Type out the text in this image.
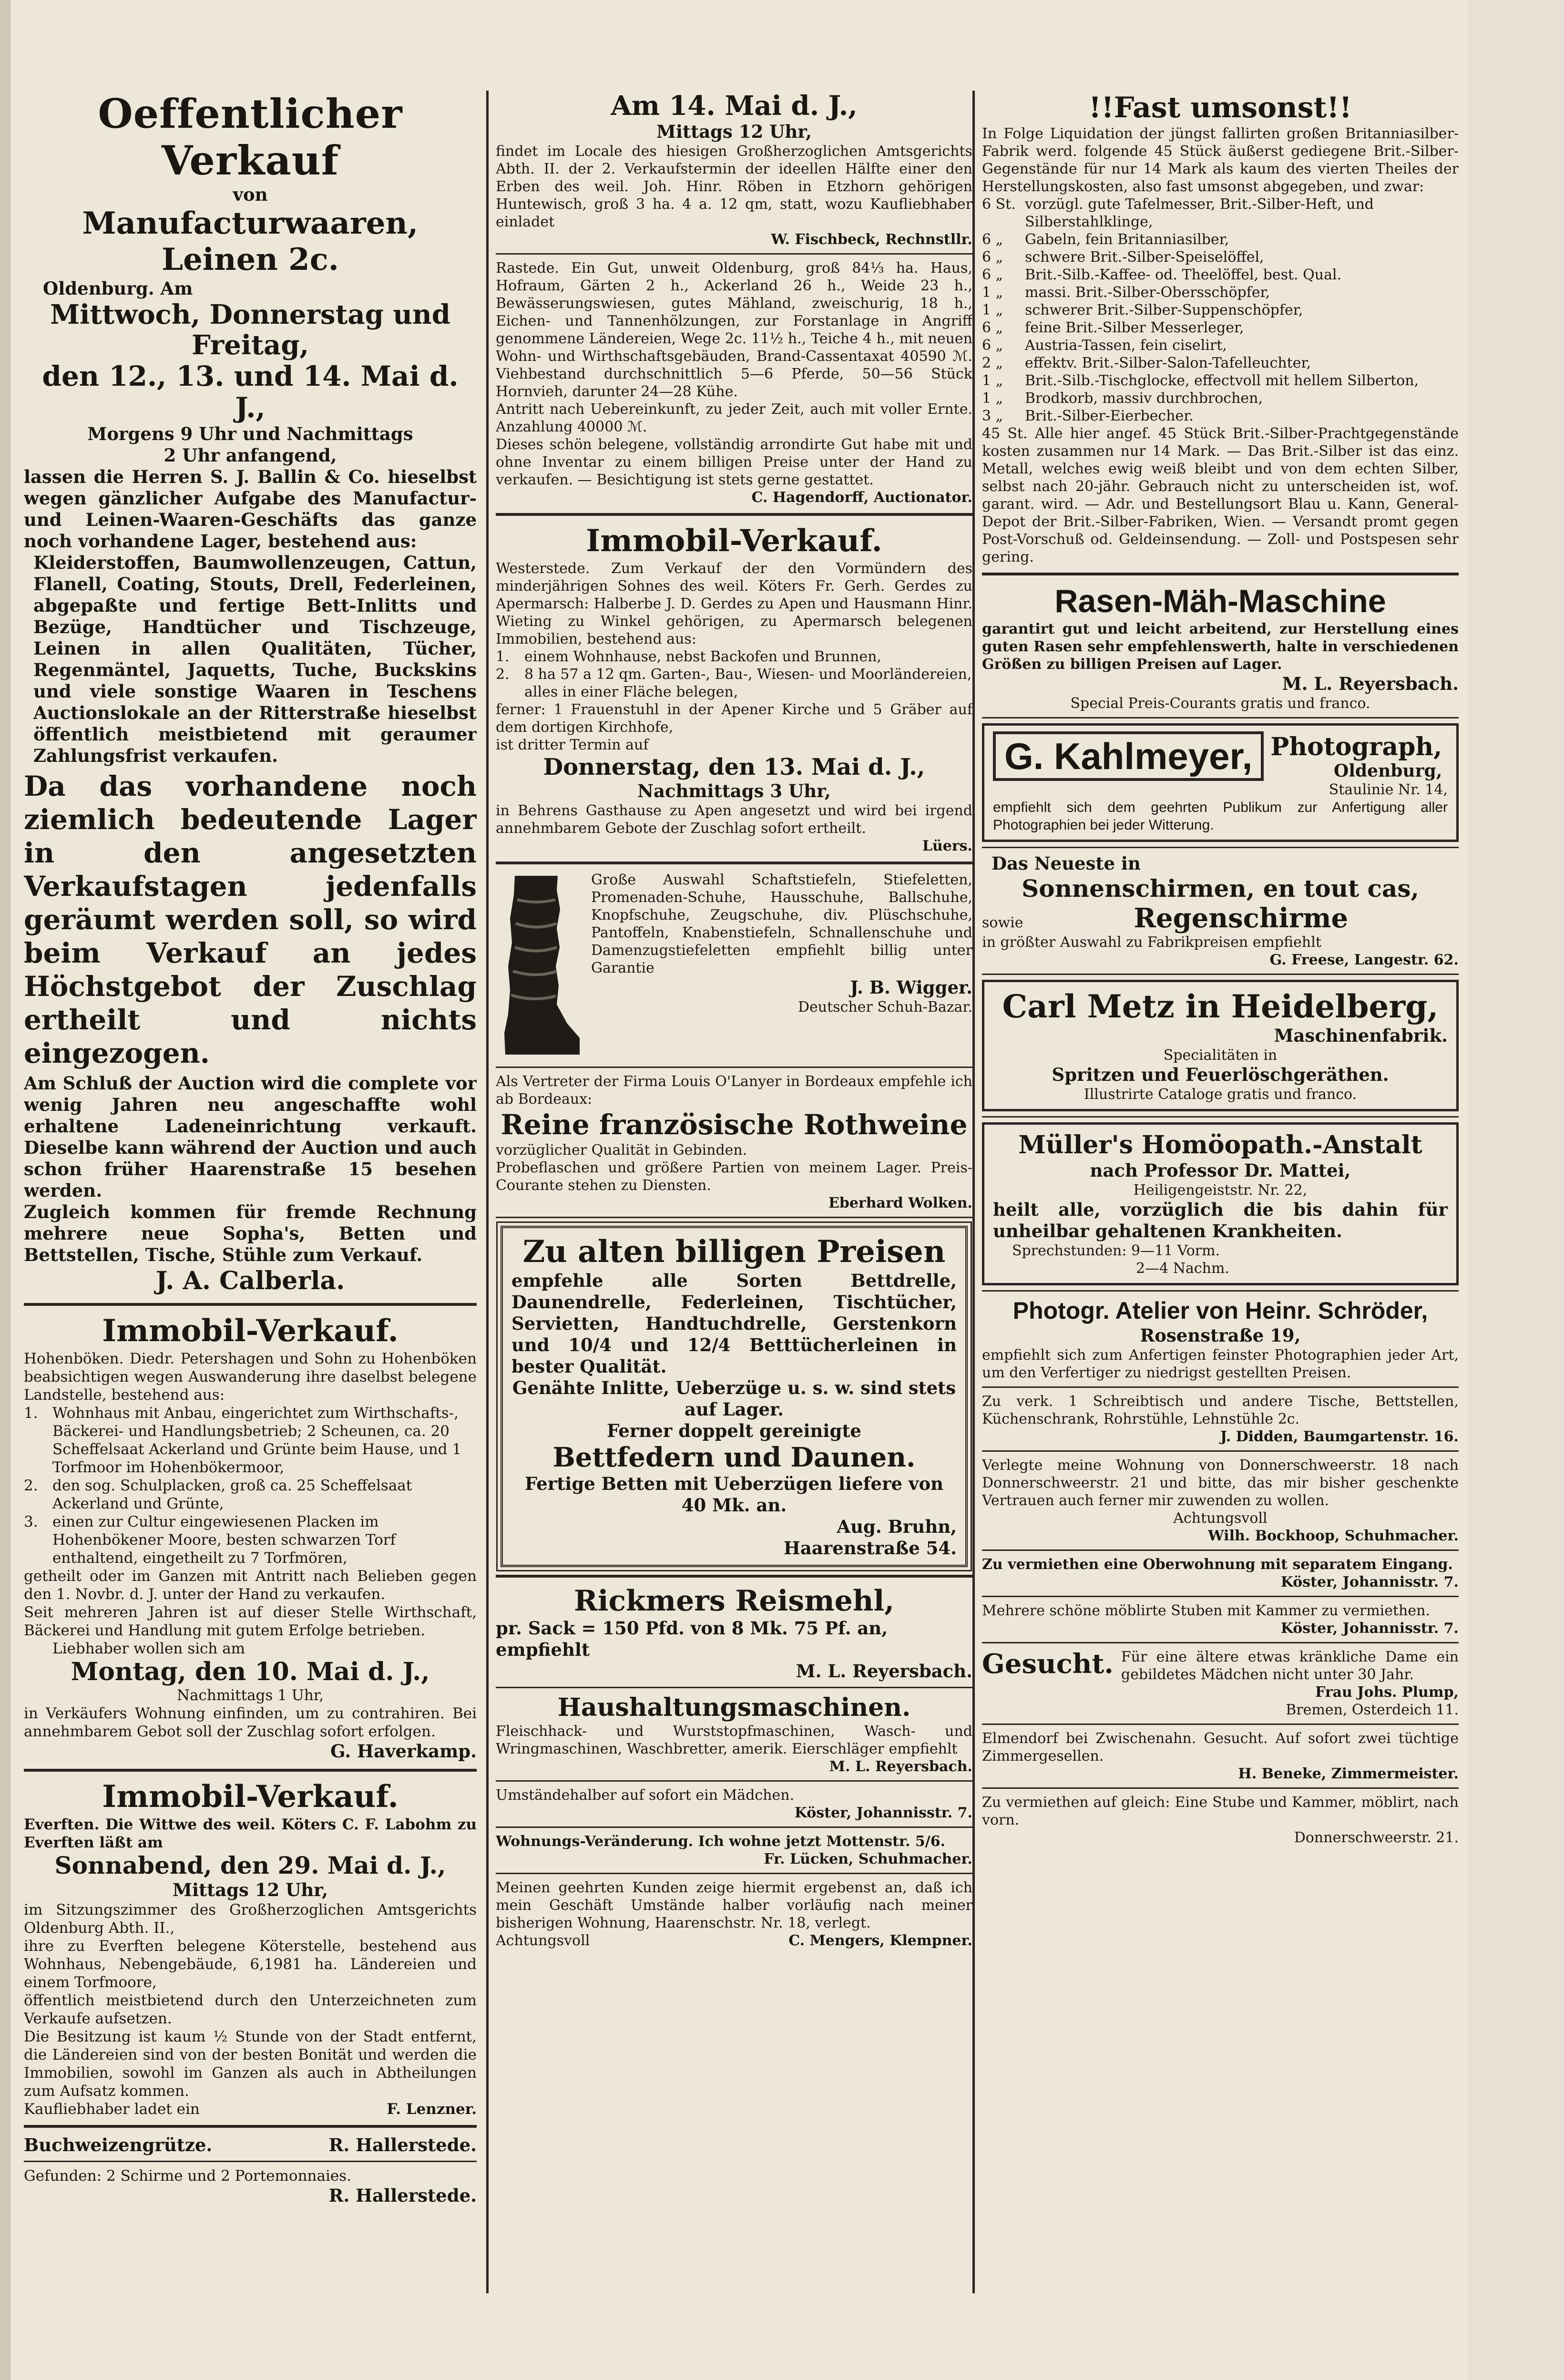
Oeffentlicher Verkauf

von

Manufacturwaaren, Leinen 2c.

Oldenburg. Am

Mittwoch, Donnerstag und Freitag,

den 12., 13. und 14. Mai d. J.,

Morgens 9 Uhr und Nachmittags

2 Uhr anfangend,

lassen die Herren S. J. Ballin & Co. hieselbst wegen gänzlicher Aufgabe des Manufactur- und Leinen-Waaren-Geschäfts das ganze noch vorhandene Lager, bestehend aus:

Kleiderstoffen, Baumwollenzeugen, Cattun, Flanell, Coating, Stouts, Drell, Federleinen, abgepaßte und fertige Bett-Inlitts und Bezüge, Handtücher und Tischzeuge, Leinen in allen Qualitäten, Tücher, Regenmäntel, Jaquetts, Tuche, Buckskins und viele sonstige Waaren in Teschens Auctionslokale an der Ritterstraße hieselbst öffentlich meistbietend mit geraumer Zahlungsfrist verkaufen.

Da das vorhandene noch ziemlich bedeutende Lager in den angesetzten Verkaufstagen jedenfalls geräumt werden soll, so wird beim Verkauf an jedes Höchstgebot der Zuschlag ertheilt und nichts eingezogen.

Am Schluß der Auction wird die complete vor wenig Jahren neu angeschaffte wohl erhaltene Ladeneinrichtung verkauft. Dieselbe kann während der Auction und auch schon früher Haarenstraße 15 besehen werden.

Zugleich kommen für fremde Rechnung mehrere neue Sopha's, Betten und Bettstellen, Tische, Stühle zum Verkauf.

J. A. Calberla.

Immobil-Verkauf.

Hohenböken. Diedr. Petershagen und Sohn zu Hohenböken beabsichtigen wegen Auswanderung ihre daselbst belegene Landstelle, bestehend aus:

1. Wohnhaus mit Anbau, eingerichtet zum Wirthschafts-, Bäckerei- und Handlungsbetrieb; 2 Scheunen, ca. 20 Scheffelsaat Ackerland und Grünte beim Hause, und 1 Torfmoor im Hohenbökermoor,
2. den sog. Schulplacken, groß ca. 25 Scheffelsaat Ackerland und Grünte,
3. einen zur Cultur eingewiesenen Placken im Hohenbökener Moore, besten schwarzen Torf enthaltend, eingetheilt zu 7 Torfmören,

getheilt oder im Ganzen mit Antritt nach Belieben gegen den 1. Novbr. d. J. unter der Hand zu verkaufen.

Seit mehreren Jahren ist auf dieser Stelle Wirthschaft, Bäckerei und Handlung mit gutem Erfolge betrieben.

Liebhaber wollen sich am

Montag, den 10. Mai d. J.,

Nachmittags 1 Uhr,

in Verkäufers Wohnung einfinden, um zu contrahiren. Bei annehmbarem Gebot soll der Zuschlag sofort erfolgen.

G. Haverkamp.

Immobil-Verkauf.

Everften. Die Wittwe des weil. Köters C. F. Labohm zu Everften läßt am

Sonnabend, den 29. Mai d. J.,

Mittags 12 Uhr,

im Sitzungszimmer des Großherzoglichen Amtsgerichts Oldenburg Abth. II.,

ihre zu Everften belegene Köterstelle, bestehend aus Wohnhaus, Nebengebäude, 6,1981 ha. Ländereien und einem Torfmoore,

öffentlich meistbietend durch den Unterzeichneten zum Verkaufe aufsetzen.

Die Besitzung ist kaum ½ Stunde von der Stadt entfernt, die Ländereien sind von der besten Bonität und werden die Immobilien, sowohl im Ganzen als auch in Abtheilungen zum Aufsatz kommen.

Kaufliebhaber ladet ein	F. Lenzner.
Buchweizengrütze.	R. Hallerstede.

Gefunden: 2 Schirme und 2 Portemonnaies.

R. Hallerstede.

Am 14. Mai d. J.,

Mittags 12 Uhr,

findet im Locale des hiesigen Großherzoglichen Amtsgerichts Abth. II. der 2. Verkaufstermin der ideellen Hälfte einer den Erben des weil. Joh. Hinr. Röben in Etzhorn gehörigen Huntewisch, groß 3 ha. 4 a. 12 qm, statt, wozu Kaufliebhaber einladet

W. Fischbeck, Rechnstllr.

Rastede. Ein Gut, unweit Oldenburg, groß 84⅓ ha. Haus, Hofraum, Gärten 2 h., Ackerland 26 h., Weide 23 h., Bewässerungswiesen, gutes Mähland, zweischurig, 18 h., Eichen- und Tannenhölzungen, zur Forstanlage in Angriff genommene Ländereien, Wege 2c. 11½ h., Teiche 4 h., mit neuen Wohn- und Wirthschaftsgebäuden, Brand-Cassentaxat 40590 ℳ. Viehbestand durchschnittlich 5—6 Pferde, 50—56 Stück Hornvieh, darunter 24—28 Kühe.

Antritt nach Uebereinkunft, zu jeder Zeit, auch mit voller Ernte. Anzahlung 40000 ℳ.

Dieses schön belegene, vollständig arrondirte Gut habe mit und ohne Inventar zu einem billigen Preise unter der Hand zu verkaufen. — Besichtigung ist stets gerne gestattet.

C. Hagendorff, Auctionator.

Immobil-Verkauf.

Westerstede. Zum Verkauf der den Vormündern des minderjährigen Sohnes des weil. Köters Fr. Gerh. Gerdes zu Apermarsch: Halberbe J. D. Gerdes zu Apen und Hausmann Hinr. Wieting zu Winkel gehörigen, zu Apermarsch belegenen Immobilien, bestehend aus:

1.	einem Wohnhause, nebst Backofen und Brunnen,
2.	8 ha 57 a 12 qm. Garten-, Bau-, Wiesen- und Moorländereien, alles in einer Fläche belegen,

ferner: 1 Frauenstuhl in der Apener Kirche und 5 Gräber auf dem dortigen Kirchhofe,

ist dritter Termin auf

Donnerstag, den 13. Mai d. J.,

Nachmittags 3 Uhr,

in Behrens Gasthause zu Apen angesetzt und wird bei irgend annehmbarem Gebote der Zuschlag sofort ertheilt.

Lüers.

Große Auswahl Schaftstiefeln, Stiefeletten, Promenaden-Schuhe, Hausschuhe, Ballschuhe, Knopfschuhe, Zeugschuhe, div. Plüschschuhe, Pantoffeln, Knabenstiefeln, Schnallenschuhe und Damenzugstiefeletten empfiehlt billig unter Garantie

J. B. Wigger.

Deutscher Schuh-Bazar.

Als Vertreter der Firma Louis O'Lanyer in Bordeaux empfehle ich ab Bordeaux:

Reine französische Rothweine

vorzüglicher Qualität in Gebinden.

Probeflaschen und größere Partien von meinem Lager. Preis-Courante stehen zu Diensten.

Eberhard Wolken.

Zu alten billigen Preisen

empfehle alle Sorten Bettdrelle, Daunendrelle, Federleinen, Tischtücher, Servietten, Handtuchdrelle, Gerstenkorn und 10/4 und 12/4 Betttücherleinen in bester Qualität.

Genähte Inlitte, Ueberzüge u. s. w. sind stets auf Lager.

Ferner doppelt gereinigte

Bettfedern und Daunen.

Fertige Betten mit Ueberzügen liefere von 40 Mk. an.

Aug. Bruhn,

Haarenstraße 54.

Rickmers Reismehl,

pr. Sack = 150 Pfd. von 8 Mk. 75 Pf. an, empfiehlt

M. L. Reyersbach.

Haushaltungsmaschinen.

Fleischhack- und Wurststopfmaschinen, Wasch- und Wringmaschinen, Waschbretter, amerik. Eierschläger empfiehlt

M. L. Reyersbach.

Umständehalber auf sofort ein Mädchen.

Köster, Johannisstr. 7.

Wohnungs-Veränderung. Ich wohne jetzt Mottenstr. 5/6.

Fr. Lücken, Schuhmacher.

Meinen geehrten Kunden zeige hiermit ergebenst an, daß ich mein Geschäft Umstände halber vorläufig nach meiner bisherigen Wohnung, Haarenschstr. Nr. 18, verlegt.

Achtungsvoll	C. Mengers, Klempner.

!!Fast umsonst!!

In Folge Liquidation der jüngst fallirten großen Britanniasilber-Fabrik werd. folgende 45 Stück äußerst gediegene Brit.-Silber-Gegenstände für nur 14 Mark als kaum des vierten Theiles der Herstellungskosten, also fast umsonst abgegeben, und zwar:

6 St. vorzügl. gute Tafelmesser, Brit.-Silber-Heft, und Silberstahlklinge,
6 „	Gabeln, fein Britanniasilber,
6 „	schwere Brit.-Silber-Speiselöffel,
6 „	Brit.-Silb.-Kaffee- od. Theelöffel, best. Qual.
1 „	massi. Brit.-Silber-Obersschöpfer,
1 „	schwerer Brit.-Silber-Suppenschöpfer,
6 „	feine Brit.-Silber Messerleger,
6 „	Austria-Tassen, fein ciselirt,
2 „	effektv. Brit.-Silber-Salon-Tafelleuchter,
1 „	Brit.-Silb.-Tischglocke, effectvoll mit hellem Silberton,
1 „	Brodkorb, massiv durchbrochen,
3 „	Brit.-Silber-Eierbecher.

45 St. Alle hier angef. 45 Stück Brit.-Silber-Prachtgegenstände kosten zusammen nur 14 Mark. — Das Brit.-Silber ist das einz. Metall, welches ewig weiß bleibt und von dem echten Silber, selbst nach 20-jähr. Gebrauch nicht zu unterscheiden ist, wof. garant. wird. — Adr. und Bestellungsort Blau u. Kann, General-Depot der Brit.-Silber-Fabriken, Wien. — Versandt promt gegen Post-Vorschuß od. Geldeinsendung. — Zoll- und Postspesen sehr gering.

Rasen-Mäh-Maschine

garantirt gut und leicht arbeitend, zur Herstellung eines guten Rasen sehr empfehlenswerth, halte in verschiedenen Größen zu billigen Preisen auf Lager.

M. L. Reyersbach.

Special Preis-Courants gratis und franco.

G. Kahlmeyer, Photograph,
Oldenburg,

Staulinie Nr. 14,

empfiehlt sich dem geehrten Publikum zur Anfertigung aller Photographien bei jeder Witterung.

Das Neueste in

Sonnenschirmen, en tout cas,

sowie	Regenschirme

in größter Auswahl zu Fabrikpreisen empfiehlt

G. Freese, Langestr. 62.

Carl Metz in Heidelberg,

Maschinenfabrik.

Specialitäten in

Spritzen und Feuerlöschgeräthen.

Illustrirte Cataloge gratis und franco.

Müller's Homöopath.-Anstalt

nach Professor Dr. Mattei,

Heiligengeiststr. Nr. 22,

heilt alle, vorzüglich die bis dahin für unheilbar gehaltenen Krankheiten.

Sprechstunden: 9—11 Vorm.

2—4 Nachm.

Photogr. Atelier von Heinr. Schröder,

Rosenstraße 19,

empfiehlt sich zum Anfertigen feinster Photographien jeder Art, um den Verfertiger zu niedrigst gestellten Preisen.

Zu verk. 1 Schreibtisch und andere Tische, Bettstellen, Küchenschrank, Rohrstühle, Lehnstühle 2c.

J. Didden, Baumgartenstr. 16.

Verlegte meine Wohnung von Donnerschweerstr. 18 nach Donnerschweerstr. 21 und bitte, das mir bisher geschenkte Vertrauen auch ferner mir zuwenden zu wollen.

Achtungsvoll

Wilh. Bockhoop, Schuhmacher.

Zu vermiethen eine Oberwohnung mit separatem Eingang.

Köster, Johannisstr. 7.

Mehrere schöne möblirte Stuben mit Kammer zu vermiethen.

Köster, Johannisstr. 7.

Gesucht. Für eine ältere etwas kränkliche Dame ein gebildetes Mädchen nicht unter 30 Jahr.

Frau Johs. Plump,

Bremen, Osterdeich 11.

Elmendorf bei Zwischenahn. Gesucht. Auf sofort zwei tüchtige Zimmergesellen.

H. Beneke, Zimmermeister.

Zu vermiethen auf gleich: Eine Stube und Kammer, möblirt, nach vorn.

Donnerschweerstr. 21.
